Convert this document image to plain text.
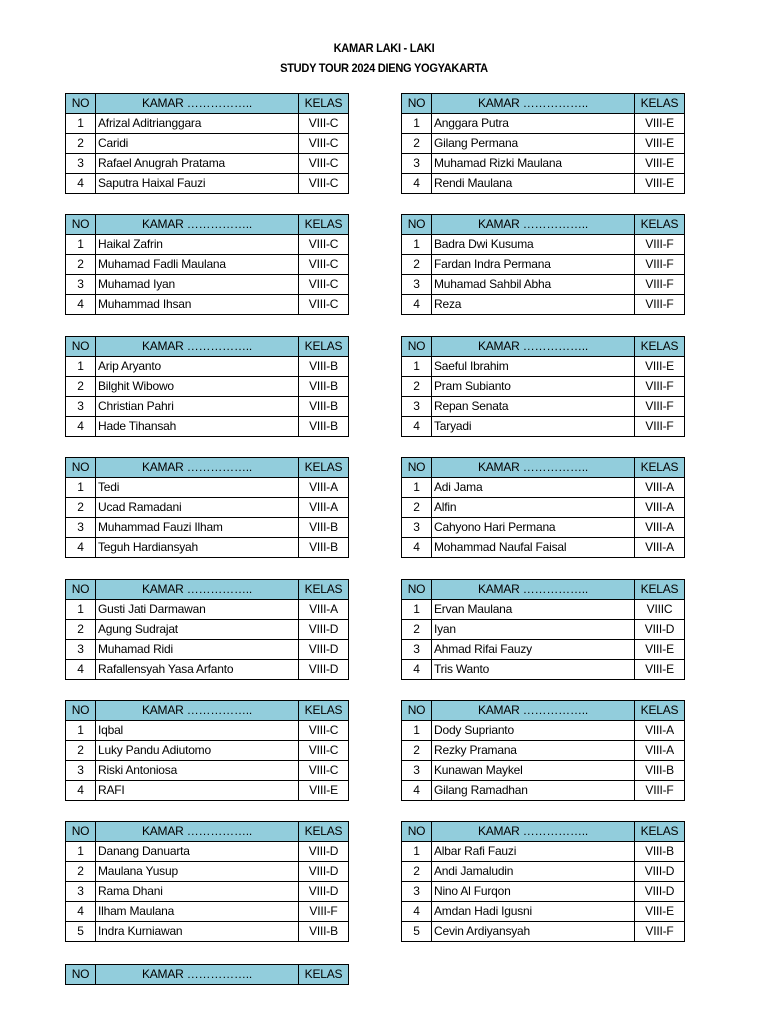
KAMAR LAKI - LAKI
STUDY TOUR 2024 DIENG YOGYAKARTA
NO	KAMAR ……………..	KELAS
1	Afrizal Aditrianggara	VIII-C
2	Caridi	VIII-C
3	Rafael Anugrah Pratama	VIII-C
4	Saputra Haixal Fauzi	VIII-C
NO	KAMAR ……………..	KELAS
1	Anggara Putra	VIII-E
2	Gilang Permana	VIII-E
3	Muhamad Rizki Maulana	VIII-E
4	Rendi Maulana	VIII-E
NO	KAMAR ……………..	KELAS
1	Haikal Zafrin	VIII-C
2	Muhamad Fadli Maulana	VIII-C
3	Muhamad Iyan	VIII-C
4	Muhammad Ihsan	VIII-C
NO	KAMAR ……………..	KELAS
1	Badra Dwi Kusuma	VIII-F
2	Fardan Indra Permana	VIII-F
3	Muhamad Sahbil Abha	VIII-F
4	Reza	VIII-F
NO	KAMAR ……………..	KELAS
1	Arip Aryanto	VIII-B
2	Bilghit Wibowo	VIII-B
3	Christian Pahri	VIII-B
4	Hade Tihansah	VIII-B
NO	KAMAR ……………..	KELAS
1	Saeful Ibrahim	VIII-E
2	Pram Subianto	VIII-F
3	Repan Senata	VIII-F
4	Taryadi	VIII-F
NO	KAMAR ……………..	KELAS
1	Tedi	VIII-A
2	Ucad Ramadani	VIII-A
3	Muhammad Fauzi Ilham	VIII-B
4	Teguh Hardiansyah	VIII-B
NO	KAMAR ……………..	KELAS
1	Adi Jama	VIII-A
2	Alfin	VIII-A
3	Cahyono Hari Permana	VIII-A
4	Mohammad Naufal Faisal	VIII-A
NO	KAMAR ……………..	KELAS
1	Gusti Jati Darmawan	VIII-A
2	Agung Sudrajat	VIII-D
3	Muhamad Ridi	VIII-D
4	Rafallensyah Yasa Arfanto	VIII-D
NO	KAMAR ……………..	KELAS
1	Ervan Maulana	VIIIC
2	Iyan	VIII-D
3	Ahmad Rifai Fauzy	VIII-E
4	Tris Wanto	VIII-E
NO	KAMAR ……………..	KELAS
1	Iqbal	VIII-C
2	Luky Pandu Adiutomo	VIII-C
3	Riski Antoniosa	VIII-C
4	RAFI	VIII-E
NO	KAMAR ……………..	KELAS
1	Dody Suprianto	VIII-A
2	Rezky Pramana	VIII-A
3	Kunawan Maykel	VIII-B
4	Gilang Ramadhan	VIII-F
NO	KAMAR ……………..	KELAS
1	Danang Danuarta	VIII-D
2	Maulana Yusup	VIII-D
3	Rama Dhani	VIII-D
4	Ilham Maulana	VIII-F
5	Indra Kurniawan	VIII-B
NO	KAMAR ……………..	KELAS
1	Albar Rafi Fauzi	VIII-B
2	Andi Jamaludin	VIII-D
3	Nino Al Furqon	VIII-D
4	Amdan Hadi Igusni	VIII-E
5	Cevin Ardiyansyah	VIII-F
NO	KAMAR ……………..	KELAS
